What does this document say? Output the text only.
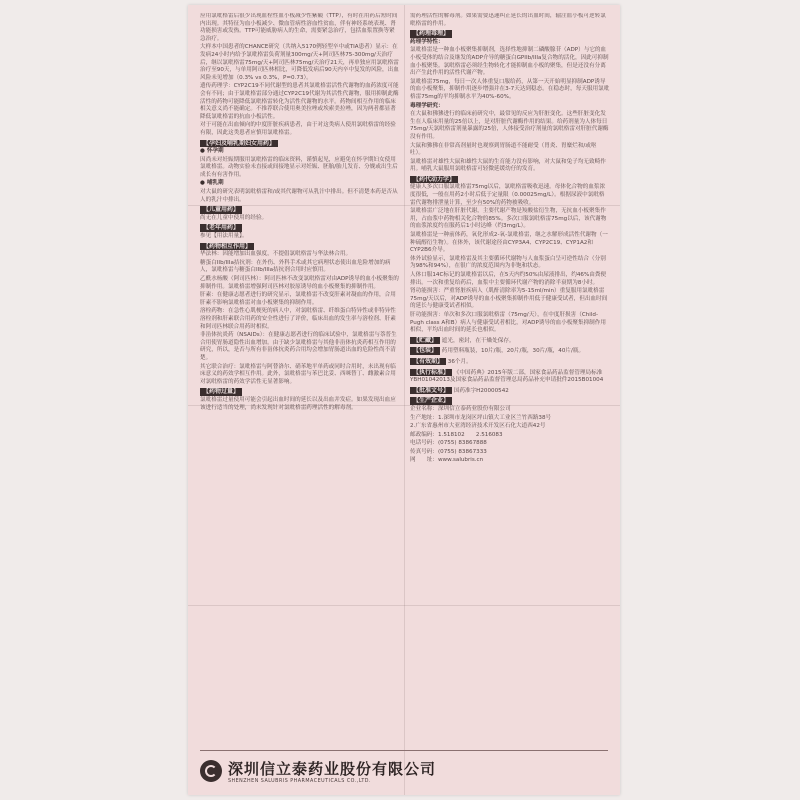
应用氯吡格雷后很少出现血栓性血小板减少性紫癜（TTP），有时在用药后短时间内出现。其特征为血小板减少、微血管病性溶血性贫血，伴有神经系统表现、肾功能损害或发热。TTP可能威胁病人的生命，需要紧急治疗，包括血浆置换等紧急治疗。

大样本中国患者的CHANCE研究（共纳入5170例轻型卒中或TIA患者）显示：在发病24小时内给予氯吡格雷负荷剂量300mg/天+阿司匹林75-300mg/天治疗后，继以氯吡格雷75mg/天+阿司匹林75mg/天治疗21天，再单独应用氯吡格雷治疗至90天，与单用阿司匹林相比，可降低发病后90天内卒中复发的风险，出血风险未见增加（0.3% vs 0.3%，P=0.73）。

遗传药理学：CYP2C19不同代谢型的患者其氯吡格雷活性代谢物的血药浓度可能会有不同；由于氯吡格雷部分通过CYP2C19代谢为其活性代谢物，服用抑制此酶活性的药物可能降低氯吡格雷转化为活性代谢物的水平。药物间相互作用的临床相关意义尚不能确定。不推荐联合使用奥美拉唑或埃索美拉唑，因为两者都显著降低氯吡格雷的抗血小板活性。

对于可能在出血倾向的中度肝脏疾病患者，由于对这类病人使用氯吡格雷的经验有限，因此这类患者应慎用氯吡格雷。

【孕妇及哺乳期妇女用药】

● 怀孕期

因尚未对妊娠期服用氯吡格雷的临床资料，谨慎起见，应避免在怀孕期妇女使用氯吡格雷。动物实验未直接或间接地显示对妊娠、胚胎/胎儿发育、分娩或出生后成长有有害作用。

● 哺乳期

对大鼠的研究表明氯吡格雷和/或其代谢物可从乳汁中排出。但不清楚本药是否从人的乳汁中排出。

【儿童用药】

尚无在儿童中使用的经验。

【老年用药】

参见【用法用量】。

【药物相互作用】

华法林：因能增加出血强度，不提倡氯吡格雷与华法林合用。

糖蛋白IIb/IIIa拮抗剂：在外伤、外科手术或其它病理状态使出血危险增加的病人，氯吡格雷与糖蛋白IIb/IIIa拮抗剂合用时应慎用。

乙酰水杨酸（阿司匹林）：阿司匹林不改变氯吡格雷对由ADP诱导的血小板聚集的抑制作用。氯吡格雷增强阿司匹林对胶原诱导的血小板聚集的抑制作用。

肝素：在健康志愿者进行的研究显示，氯吡格雷不改变肝素对凝血的作用，合用肝素不影响氯吡格雷对血小板聚集的抑制作用。

溶栓药物：在急性心肌梗死的病人中，对氯吡格雷、纤维蛋白特异性或非特异性溶栓剂和肝素联合用药的安全性进行了评价，临床出血的发生率与溶栓剂、肝素和阿司匹林联合用药时相似。

非甾体抗炎药（NSAIDs）：在健康志愿者进行的临床试验中，氯吡格雷与萘普生合用使胃肠道隐性出血增加。由于缺少氯吡格雷与其他非甾体抗炎药相互作用的研究，所以，是否与所有非甾体抗炎药合用均会增加胃肠道出血的危险性尚不清楚。

其它联合治疗：氯吡格雷与阿替洛尔、硝苯地平单药或同时合用时，未出现有临床意义的药效学相互作用。此外，氯吡格雷与苯巴比妥、西咪替丁、雌激素合用对氯吡格雷的药效学活性无显著影响。

【药物过量】

氯吡格雷过量使用可能会引起出血时间的延长以及出血并发症。如果发现出血应该进行适当的处理，尚未发现针对氯吡格雷药理活性的解毒剂。

需药理活性的解毒剂。如果需要迅速纠正延长的出血时间，输注血小板可逆转氯吡格雷的作用。

【药理毒理】

药理学特性：

氯吡格雷是一种血小板聚集抑制剂，选择性地抑制二磷酸腺苷（ADP）与它的血小板受体的结合及继发的ADP介导的糖蛋白GPIIb/IIIa复合物的活化，因此可抑制血小板聚集。氯吡格雷必须经生物转化才能抑制血小板的聚集，但是还没有分离出产生此作用的活性代谢产物。

氯吡格雷75mg，每日一次人体重复口服给药，从第一天开始明显抑制ADP诱导的血小板聚集，抑制作用逐步增强并在3-7天达到稳态。在稳态时，每天服用氯吡格雷75mg的平均抑制水平为40%-60%。

毒理学研究：

在大鼠和狒狒进行的临床前研究中，最常见的反应为肝脏变化。这些肝脏变化发生在人临床用量的25倍以上，是对肝脏代谢酶作用的结果。给药剂量为人体每日75mg/天氯吡格雷剂量暴露的25倍，人体接受治疗剂量的氯吡格雷对肝脏代谢酶没有作用。

大鼠和狒狒在非常高剂量时也观察到胃肠道不能耐受（胃炎、胃糜烂和/或呕吐）。

氯吡格雷对雄性大鼠和雄性大鼠的生育能力没有影响，对大鼠和兔子均无致畸作用。哺乳大鼠服用氯吡格雷可轻微延缓幼仔的发育。

【药代动力学】

健康人多次口服氯吡格雷75mg以后，氯吡格雷吸收迅速。母体化合物的血浆浓度很低，一般在用药2小时后低于定量限（0.00025mg/L）。根据尿液中氯吡格雷代谢物排泄量计算，至少有50%的药物被吸收。

氯吡格雷广泛地在肝脏代谢，主要代谢产物是羧酸盐衍生物，无抗血小板聚集作用，占血浆中药物相关化合物的85%。多次口服氯吡格雷75mg以后，该代谢物的血浆浓度约在服药后1小时达峰（约3mg/L）。

氯吡格雷是一种前体药，氧化形成2-氧-氯吡格雷，继之水解形成活性代谢物（一种硫醇衍生物）。在体外，该代谢途径由CYP3A4、CYP2C19、CYP1A2和CYP2B6介导。

体外试验显示，氯吡格雷及其主要循环代谢物与人血浆蛋白呈可逆性结合（分别为98%和94%），在很广的浓度范围内为非饱和状态。

人体口服14C标记的氯吡格雷以后，在5天内约50%由尿液排出，约46%由粪便排出。一次和重复给药后，血浆中主要循环代谢产物的消除半衰期为8小时。

肾功能损害：严重肾脏疾病人（肌酐清除率为5-15ml/min）重复服用氯吡格雷75mg/天以后，对ADP诱导的血小板聚集抑制作用低于健康受试者，但出血时间的延长与健康受试者相似。

肝功能损害：单次和多次口服氯吡格雷（75mg/天），在中度肝损害（Child-Pugh class A和B）病人与健康受试者相比，对ADP诱导的血小板聚集抑制作用相似，平均出血时间的延长也相似。

【贮藏】 遮光，密封，在干燥处保存。

【包装】 药用塑料瓶装，10片/瓶，20片/瓶，30片/瓶，40片/瓶。

【有效期】 36个月。

【执行标准】 《中国药典》2015年版二部，国家食品药品监督管理局标准YBH01042013及国家食品药品监督管理总局药品补充申请批件2015B01004

【批准文号】 国药准字H20000542

【生产企业】

企业名称：深圳信立泰药业股份有限公司

生产地址：1.深圳市龙岗区坪山镇大工业区兰竹西路38号

2.广东省惠州市大亚湾经济技术开发区石化大道西42号

邮政编码：1.518102　　2.516083

电话号码：(0755) 83867888

传真号码：(0755) 83867333

网　　址：www.salubris.cn

深圳信立泰药业股份有限公司
SHENZHEN SALUBRIS PHARMACEUTICALS CO.,LTD.
